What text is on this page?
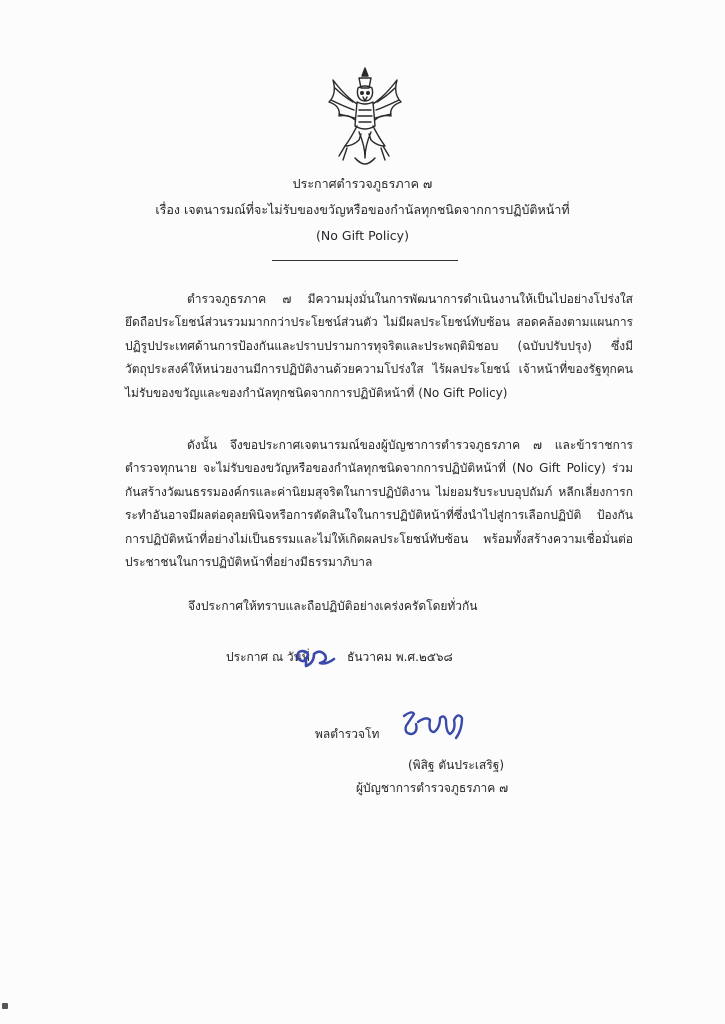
ประกาศตำรวจภูธรภาค ๗
เรื่อง เจตนารมณ์ที่จะไม่รับของขวัญหรือของกำนัลทุกชนิดจากการปฏิบัติหน้าที่
(No Gift Policy)

ตำรวจภูธรภาค ๗ มีความมุ่งมั่นในการพัฒนาการดำเนินงานให้เป็นไปอย่างโปร่งใส ยึดถือประโยชน์ส่วนรวมมากกว่าประโยชน์ส่วนตัว ไม่มีผลประโยชน์ทับซ้อน สอดคล้องตามแผนการปฏิรูปประเทศด้านการป้องกันและปราบปรามการทุจริตและประพฤติมิชอบ (ฉบับปรับปรุง) ซึ่งมีวัตถุประสงค์ให้หน่วยงานมีการปฏิบัติงานด้วยความโปร่งใส ไร้ผลประโยชน์ เจ้าหน้าที่ของรัฐทุกคนไม่รับของขวัญและของกำนัลทุกชนิดจากการปฏิบัติหน้าที่ (No Gift Policy)

ดังนั้น จึงขอประกาศเจตนารมณ์ของผู้บัญชาการตำรวจภูธรภาค ๗ และข้าราชการตำรวจทุกนาย จะไม่รับของขวัญหรือของกำนัลทุกชนิดจากการปฏิบัติหน้าที่ (No Gift Policy) ร่วมกันสร้างวัฒนธรรมองค์กรและค่านิยมสุจริตในการปฏิบัติงาน ไม่ยอมรับระบบอุปถัมภ์ หลีกเลี่ยงการกระทำอันอาจมีผลต่อดุลยพินิจหรือการตัดสินใจในการปฏิบัติหน้าที่ซึ่งนำไปสู่การเลือกปฏิบัติ ป้องกันการปฏิบัติหน้าที่อย่างไม่เป็นธรรมและไม่ให้เกิดผลประโยชน์ทับซ้อน พร้อมทั้งสร้างความเชื่อมั่นต่อประชาชนในการปฏิบัติหน้าที่อย่างมีธรรมาภิบาล

จึงประกาศให้ทราบและถือปฏิบัติอย่างเคร่งครัดโดยทั่วกัน
ประกาศ ณ วันที่	ธันวาคม พ.ศ.๒๕๖๘
พลตำรวจโท
(พิสิฐ ตันประเสริฐ)
ผู้บัญชาการตำรวจภูธรภาค ๗
